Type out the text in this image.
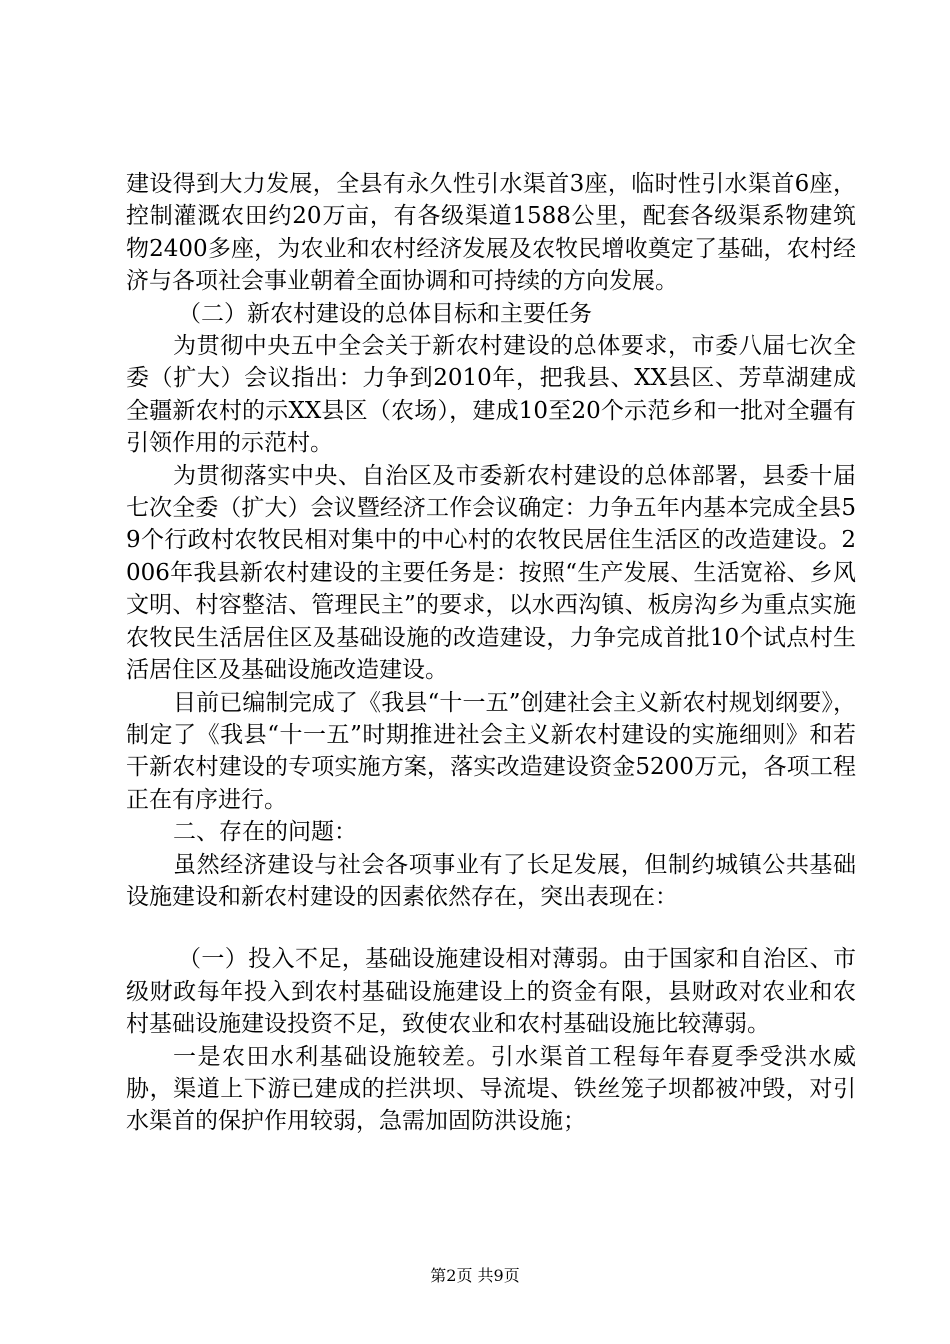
建设得到大力发展，全县有永久性引水渠首3座，临时性引水渠首6座，控制灌溉农田约20万亩，有各级渠道1588公里，配套各级渠系物建筑物2400多座，为农业和农村经济发展及农牧民增收奠定了基础，农村经济与各项社会事业朝着全面协调和可持续的方向发展。

（二）新农村建设的总体目标和主要任务

为贯彻中央五中全会关于新农村建设的总体要求，市委八届七次全委（扩大）会议指出：力争到2010年，把我县、XX县区、芳草湖建成全疆新农村的示XX县区（农场），建成10至20个示范乡和一批对全疆有引领作用的示范村。

为贯彻落实中央、自治区及市委新农村建设的总体部署，县委十届七次全委（扩大）会议暨经济工作会议确定：力争五年内基本完成全县59个行政村农牧民相对集中的中心村的农牧民居住生活区的改造建设。2006年我县新农村建设的主要任务是：按照“生产发展、生活宽裕、乡风文明、村容整洁、管理民主”的要求，以水西沟镇、板房沟乡为重点实施农牧民生活居住区及基础设施的改造建设，力争完成首批10个试点村生活居住区及基础设施改造建设。

目前已编制完成了《我县“十一五”创建社会主义新农村规划纲要》，制定了《我县“十一五”时期推进社会主义新农村建设的实施细则》和若干新农村建设的专项实施方案，落实改造建设资金5200万元，各项工程正在有序进行。

二、存在的问题：

虽然经济建设与社会各项事业有了长足发展，但制约城镇公共基础设施建设和新农村建设的因素依然存在，突出表现在：

（一）投入不足，基础设施建设相对薄弱。由于国家和自治区、市级财政每年投入到农村基础设施建设上的资金有限，县财政对农业和农村基础设施建设投资不足，致使农业和农村基础设施比较薄弱。

一是农田水利基础设施较差。引水渠首工程每年春夏季受洪水威胁，渠道上下游已建成的拦洪坝、导流堤、铁丝笼子坝都被冲毁，对引水渠首的保护作用较弱，急需加固防洪设施；

第2页 共9页
